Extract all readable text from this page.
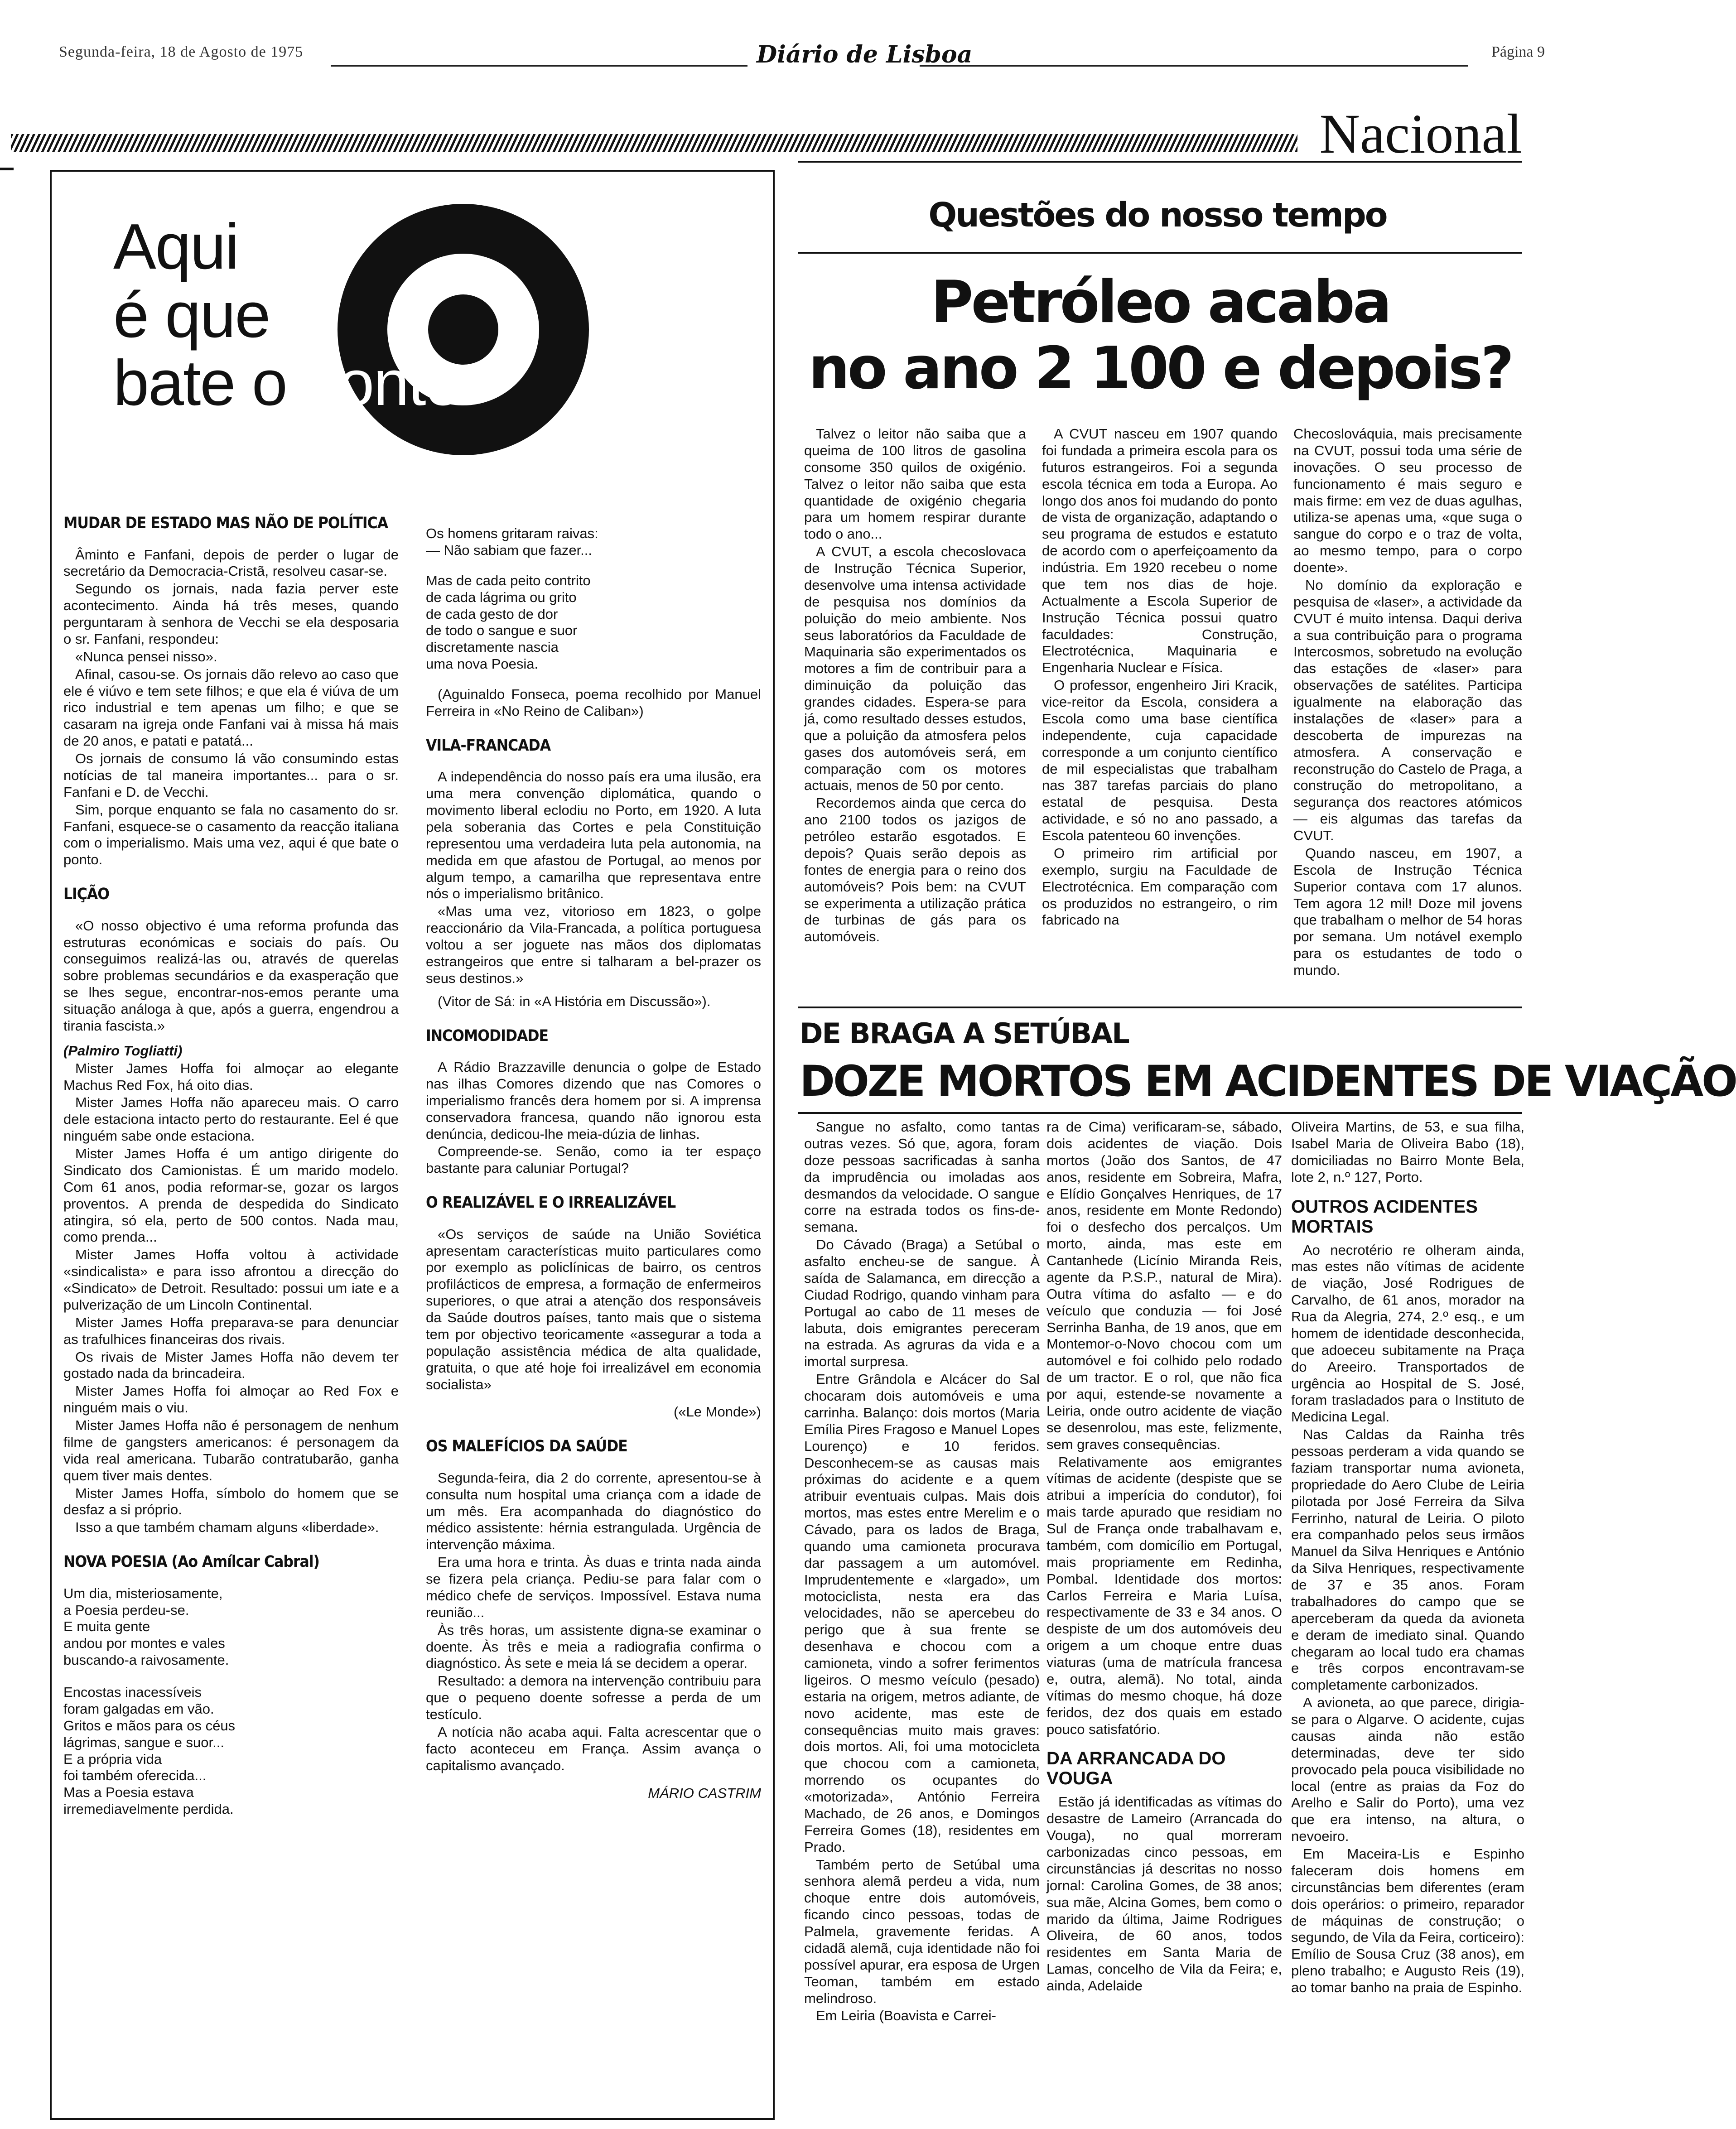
Segunda-feira, 18 de Agosto de 1975	Diário de Lisboa	Página 9
Nacional
Aqui
é que
bate o ponto
MUDAR DE ESTADO MAS NÃO DE POLÍTICA

Âminto e Fanfani, depois de perder o lugar de secretário da Democracia-Cristã, resolveu casar-se.

Segundo os jornais, nada fazia perver este acontecimento. Ainda há três meses, quando perguntaram à senhora de Vecchi se ela desposaria o sr. Fanfani, respondeu:

«Nunca pensei nisso».

Afinal, casou-se. Os jornais dão relevo ao caso que ele é viúvo e tem sete filhos; e que ela é viúva de um rico industrial e tem apenas um filho; e que se casaram na igreja onde Fanfani vai à missa há mais de 20 anos, e patati e patatá...

Os jornais de consumo lá vão consumindo estas notícias de tal maneira importantes... para o sr. Fanfani e D. de Vecchi.

Sim, porque enquanto se fala no casamento do sr. Fanfani, esquece-se o casamento da reacção italiana com o imperialismo. Mais uma vez, aqui é que bate o ponto.

LIÇÃO

«O nosso objectivo é uma reforma profunda das estruturas económicas e sociais do país. Ou conseguimos realizá-las ou, através de querelas sobre problemas secundários e da exasperação que se lhes segue, encontrar-nos-emos perante uma situação análoga à que, após a guerra, engendrou a tirania fascista.»

(Palmiro Togliatti)

Mister James Hoffa foi almoçar ao elegante Machus Red Fox, há oito dias.

Mister James Hoffa não apareceu mais. O carro dele estaciona intacto perto do restaurante. Eel é que ninguém sabe onde estaciona.

Mister James Hoffa é um antigo dirigente do Sindicato dos Camionistas. É um marido modelo. Com 61 anos, podia reformar-se, gozar os largos proventos. A prenda de despedida do Sindicato atingira, só ela, perto de 500 contos. Nada mau, como prenda...

Mister James Hoffa voltou à actividade «sindicalista» e para isso afrontou a direcção do «Sindicato» de Detroit. Resultado: possui um iate e a pulverização de um Lincoln Continental.

Mister James Hoffa preparava-se para denunciar as trafulhices financeiras dos rivais.

Os rivais de Mister James Hoffa não devem ter gostado nada da brincadeira.

Mister James Hoffa foi almoçar ao Red Fox e ninguém mais o viu.

Mister James Hoffa não é personagem de nenhum filme de gangsters americanos: é personagem da vida real americana. Tubarão contratubarão, ganha quem tiver mais dentes.

Mister James Hoffa, símbolo do homem que se desfaz a si próprio.

Isso a que também chamam alguns «liberdade».

NOVA POESIA (Ao Amílcar Cabral)

Um dia, misteriosamente,

a Poesia perdeu-se.

E muita gente

andou por montes e vales

buscando-a raivosamente.

Encostas inacessíveis

foram galgadas em vão.

Gritos e mãos para os céus

lágrimas, sangue e suor...

E a própria vida

foi também oferecida...

Mas a Poesia estava

irremediavelmente perdida.

Os homens gritaram raivas:

— Não sabiam que fazer...

Mas de cada peito contrito

de cada lágrima ou grito

de cada gesto de dor

de todo o sangue e suor

discretamente nascia

uma nova Poesia.

(Aguinaldo Fonseca, poema recolhido por Manuel Ferreira in «No Reino de Caliban»)

VILA-FRANCADA

A independência do nosso país era uma ilusão, era uma mera convenção diplomática, quando o movimento liberal eclodiu no Porto, em 1920. A luta pela soberania das Cortes e pela Constituição representou uma verdadeira luta pela autonomia, na medida em que afastou de Portugal, ao menos por algum tempo, a camarilha que representava entre nós o imperialismo britânico.

«Mas uma vez, vitorioso em 1823, o golpe reaccionário da Vila-Francada, a política portuguesa voltou a ser joguete nas mãos dos diplomatas estrangeiros que entre si talharam a bel-prazer os seus destinos.»

(Vitor de Sá: in «A História em Discussão»).

INCOMODIDADE

A Rádio Brazzaville denuncia o golpe de Estado nas ilhas Comores dizendo que nas Comores o imperialismo francês dera homem por si. A imprensa conservadora francesa, quando não ignorou esta denúncia, dedicou-lhe meia-dúzia de linhas.

Compreende-se. Senão, como ia ter espaço bastante para caluniar Portugal?

O REALIZÁVEL E O IRREALIZÁVEL

«Os serviços de saúde na União Soviética apresentam características muito particulares como por exemplo as policlínicas de bairro, os centros profilácticos de empresa, a formação de enfermeiros superiores, o que atrai a atenção dos responsáveis da Saúde doutros países, tanto mais que o sistema tem por objectivo teoricamente «assegurar a toda a população assistência médica de alta qualidade, gratuita, o que até hoje foi irrealizável em economia socialista»

(«Le Monde»)

OS MALEFÍCIOS DA SAÚDE

Segunda-feira, dia 2 do corrente, apresentou-se à consulta num hospital uma criança com a idade de um mês. Era acompanhada do diagnóstico do médico assistente: hérnia estrangulada. Urgência de intervenção máxima.

Era uma hora e trinta. Às duas e trinta nada ainda se fizera pela criança. Pediu-se para falar com o médico chefe de serviços. Impossível. Estava numa reunião...

Às três horas, um assistente digna-se examinar o doente. Às três e meia a radiografia confirma o diagnóstico. Às sete e meia lá se decidem a operar.

Resultado: a demora na intervenção contribuiu para que o pequeno doente sofresse a perda de um testículo.

A notícia não acaba aqui. Falta acrescentar que o facto aconteceu em França. Assim avança o capitalismo avançado.

MÁRIO CASTRIM

Questões do nosso tempo
Petróleo acaba
no ano 2 100 e depois?

Talvez o leitor não saiba que a queima de 100 litros de gasolina consome 350 quilos de oxigénio. Talvez o leitor não saiba que esta quantidade de oxigénio chegaria para um homem respirar durante todo o ano...

A CVUT, a escola checoslovaca de Instrução Técnica Superior, desenvolve uma intensa actividade de pesquisa nos domínios da poluição do meio ambiente. Nos seus laboratórios da Faculdade de Maquinaria são experimentados os motores a fim de contribuir para a diminuição da poluição das grandes cidades. Espera-se para já, como resultado desses estudos, que a poluição da atmosfera pelos gases dos automóveis será, em comparação com os motores actuais, menos de 50 por cento.

Recordemos ainda que cerca do ano 2100 todos os jazigos de petróleo estarão esgotados. E depois? Quais serão depois as fontes de energia para o reino dos automóveis? Pois bem: na CVUT se experimenta a utilização prática de turbinas de gás para os automóveis.

A CVUT nasceu em 1907 quando foi fundada a primeira escola para os futuros estrangeiros. Foi a segunda escola técnica em toda a Europa. Ao longo dos anos foi mudando do ponto de vista de organização, adaptando o seu programa de estudos e estatuto de acordo com o aperfeiçoamento da indústria. Em 1920 recebeu o nome que tem nos dias de hoje. Actualmente a Escola Superior de Instrução Técnica possui quatro faculdades: Construção, Electrotécnica, Maquinaria e Engenharia Nuclear e Física.

O professor, engenheiro Jiri Kracik, vice-reitor da Escola, considera a Escola como uma base científica independente, cuja capacidade corresponde a um conjunto científico de mil especialistas que trabalham nas 387 tarefas parciais do plano estatal de pesquisa. Desta actividade, e só no ano passado, a Escola patenteou 60 invenções.

O primeiro rim artificial por exemplo, surgiu na Faculdade de Electrotécnica. Em comparação com os produzidos no estrangeiro, o rim fabricado na

Checoslováquia, mais precisamente na CVUT, possui toda uma série de inovações. O seu processo de funcionamento é mais seguro e mais firme: em vez de duas agulhas, utiliza-se apenas uma, «que suga o sangue do corpo e o traz de volta, ao mesmo tempo, para o corpo doente».

No domínio da exploração e pesquisa de «laser», a actividade da CVUT é muito intensa. Daqui deriva a sua contribuição para o programa Intercosmos, sobretudo na evolução das estações de «laser» para observações de satélites. Participa igualmente na elaboração das instalações de «laser» para a descoberta de impurezas na atmosfera. A conservação e reconstrução do Castelo de Praga, a construção do metropolitano, a segurança dos reactores atómicos — eis algumas das tarefas da CVUT.

Quando nasceu, em 1907, a Escola de Instrução Técnica Superior contava com 17 alunos. Tem agora 12 mil! Doze mil jovens que trabalham o melhor de 54 horas por semana. Um notável exemplo para os estudantes de todo o mundo.

DE BRAGA A SETÚBAL
DOZE MORTOS EM ACIDENTES DE VIAÇÃO

Sangue no asfalto, como tantas outras vezes. Só que, agora, foram doze pessoas sacrificadas à sanha da imprudência ou imoladas aos desmandos da velocidade. O sangue corre na estrada todos os fins-de-semana.

Do Cávado (Braga) a Setúbal o asfalto encheu-se de sangue. À saída de Salamanca, em direcção a Ciudad Rodrigo, quando vinham para Portugal ao cabo de 11 meses de labuta, dois emigrantes pereceram na estrada. As agruras da vida e a imortal surpresa.

Entre Grândola e Alcácer do Sal chocaram dois automóveis e uma carrinha. Balanço: dois mortos (Maria Emília Pires Fragoso e Manuel Lopes Lourenço) e 10 feridos. Desconhecem-se as causas mais próximas do acidente e a quem atribuir eventuais culpas. Mais dois mortos, mas estes entre Merelim e o Cávado, para os lados de Braga, quando uma camioneta procurava dar passagem a um automóvel. Imprudentemente e «largado», um motociclista, nesta era das velocidades, não se apercebeu do perigo que à sua frente se desenhava e chocou com a camioneta, vindo a sofrer ferimentos ligeiros. O mesmo veículo (pesado) estaria na origem, metros adiante, de novo acidente, mas este de consequências muito mais graves: dois mortos. Ali, foi uma motocicleta que chocou com a camioneta, morrendo os ocupantes do «motorizada», António Ferreira Machado, de 26 anos, e Domingos Ferreira Gomes (18), residentes em Prado.

Também perto de Setúbal uma senhora alemã perdeu a vida, num choque entre dois automóveis, ficando cinco pessoas, todas de Palmela, gravemente feridas. A cidadã alemã, cuja identidade não foi possível apurar, era esposa de Urgen Teoman, também em estado melindroso.

Em Leiria (Boavista e Carrei-

ra de Cima) verificaram-se, sábado, dois acidentes de viação. Dois mortos (João dos Santos, de 47 anos, residente em Sobreira, Mafra, e Elídio Gonçalves Henriques, de 17 anos, residente em Monte Redondo) foi o desfecho dos percalços. Um morto, ainda, mas este em Cantanhede (Licínio Miranda Reis, agente da P.S.P., natural de Mira). Outra vítima do asfalto — e do veículo que conduzia — foi José Serrinha Banha, de 19 anos, que em Montemor-o-Novo chocou com um automóvel e foi colhido pelo rodado de um tractor. E o rol, que não fica por aqui, estende-se novamente a Leiria, onde outro acidente de viação se desenrolou, mas este, felizmente, sem graves consequências.

Relativamente aos emigrantes vítimas de acidente (despiste que se atribui a imperícia do condutor), foi mais tarde apurado que residiam no Sul de França onde trabalhavam e, também, com domicílio em Portugal, mais propriamente em Redinha, Pombal. Identidade dos mortos: Carlos Ferreira e Maria Luísa, respectivamente de 33 e 34 anos. O despiste de um dos automóveis deu origem a um choque entre duas viaturas (uma de matrícula francesa e, outra, alemã). No total, ainda vítimas do mesmo choque, há doze feridos, dez dos quais em estado pouco satisfatório.

DA ARRANCADA DO VOUGA

Estão já identificadas as vítimas do desastre de Lameiro (Arrancada do Vouga), no qual morreram carbonizadas cinco pessoas, em circunstâncias já descritas no nosso jornal: Carolina Gomes, de 38 anos; sua mãe, Alcina Gomes, bem como o marido da última, Jaime Rodrigues Oliveira, de 60 anos, todos residentes em Santa Maria de Lamas, concelho de Vila da Feira; e, ainda, Adelaide

Oliveira Martins, de 53, e sua filha, Isabel Maria de Oliveira Babo (18), domiciliadas no Bairro Monte Bela, lote 2, n.º 127, Porto.

OUTROS ACIDENTES MORTAIS

Ao necrotério re olheram ainda, mas estes não vítimas de acidente de viação, José Rodrigues de Carvalho, de 61 anos, morador na Rua da Alegria, 274, 2.º esq., e um homem de identidade desconhecida, que adoeceu subitamente na Praça do Areeiro. Transportados de urgência ao Hospital de S. José, foram trasladados para o Instituto de Medicina Legal.

Nas Caldas da Rainha três pessoas perderam a vida quando se faziam transportar numa avioneta, propriedade do Aero Clube de Leiria pilotada por José Ferreira da Silva Ferrinho, natural de Leiria. O piloto era companhado pelos seus irmãos Manuel da Silva Henriques e António da Silva Henriques, respectivamente de 37 e 35 anos. Foram trabalhadores do campo que se aperceberam da queda da avioneta e deram de imediato sinal. Quando chegaram ao local tudo era chamas e três corpos encontravam-se completamente carbonizados.

A avioneta, ao que parece, dirigia-se para o Algarve. O acidente, cujas causas ainda não estão determinadas, deve ter sido provocado pela pouca visibilidade no local (entre as praias da Foz do Arelho e Salir do Porto), uma vez que era intenso, na altura, o nevoeiro.

Em Maceira-Lis e Espinho faleceram dois homens em circunstâncias bem diferentes (eram dois operários: o primeiro, reparador de máquinas de construção; o segundo, de Vila da Feira, corticeiro): Emílio de Sousa Cruz (38 anos), em pleno trabalho; e Augusto Reis (19), ao tomar banho na praia de Espinho.
